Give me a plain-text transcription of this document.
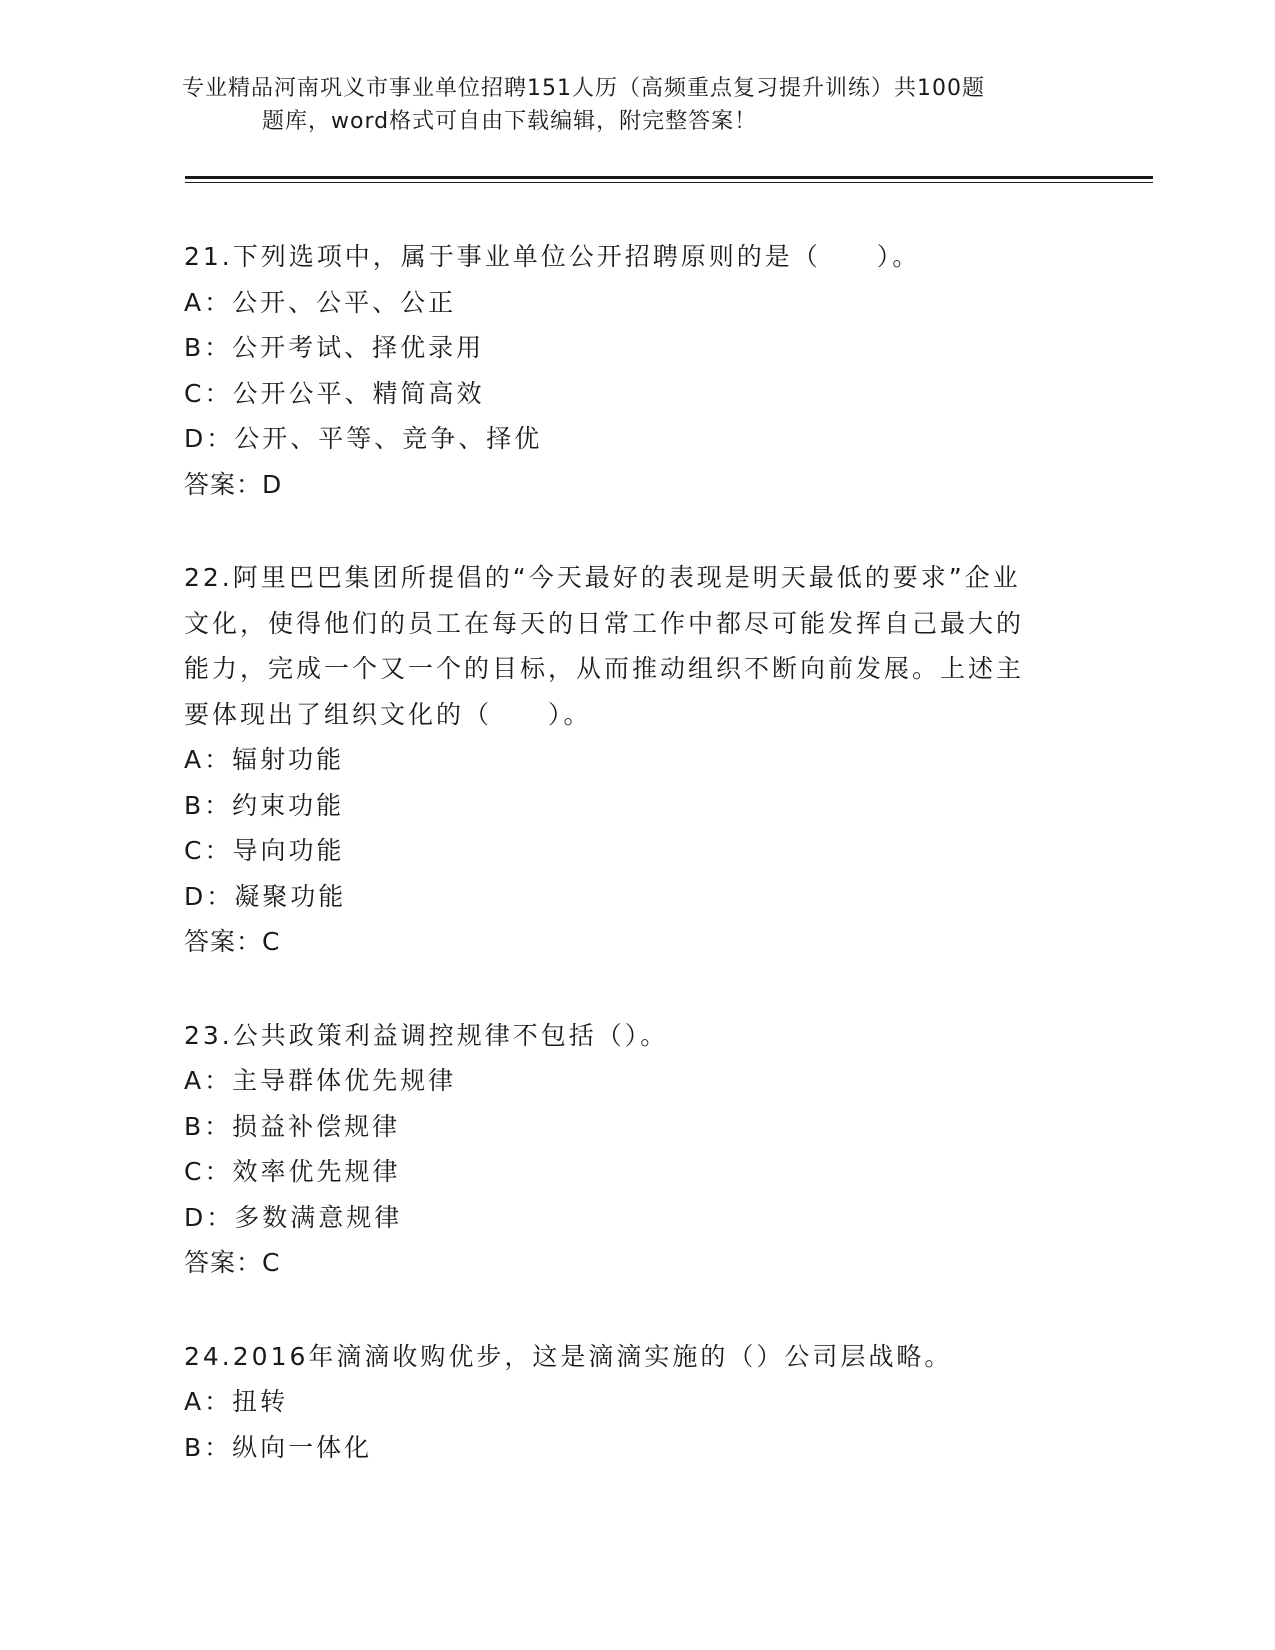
专业精品河南巩义市事业单位招聘151人历（高频重点复习提升训练）共100题
题库，word格式可自由下载编辑，附完整答案！

21.下列选项中，属于事业单位公开招聘原则的是（　　）。

A：公开、公平、公正

B：公开考试、择优录用

C：公开公平、精简高效

D：公开、平等、竞争、择优

答案：D

22.阿里巴巴集团所提倡的“今天最好的表现是明天最低的要求”企业文化，使得他们的员工在每天的日常工作中都尽可能发挥自己最大的能力，完成一个又一个的目标，从而推动组织不断向前发展。上述主要体现出了组织文化的（　　）。

A：辐射功能

B：约束功能

C：导向功能

D：凝聚功能

答案：C

23.公共政策利益调控规律不包括（）。

A：主导群体优先规律

B：损益补偿规律

C：效率优先规律

D：多数满意规律

答案：C

24.2016年滴滴收购优步，这是滴滴实施的（）公司层战略。

A：扭转

B：纵向一体化
